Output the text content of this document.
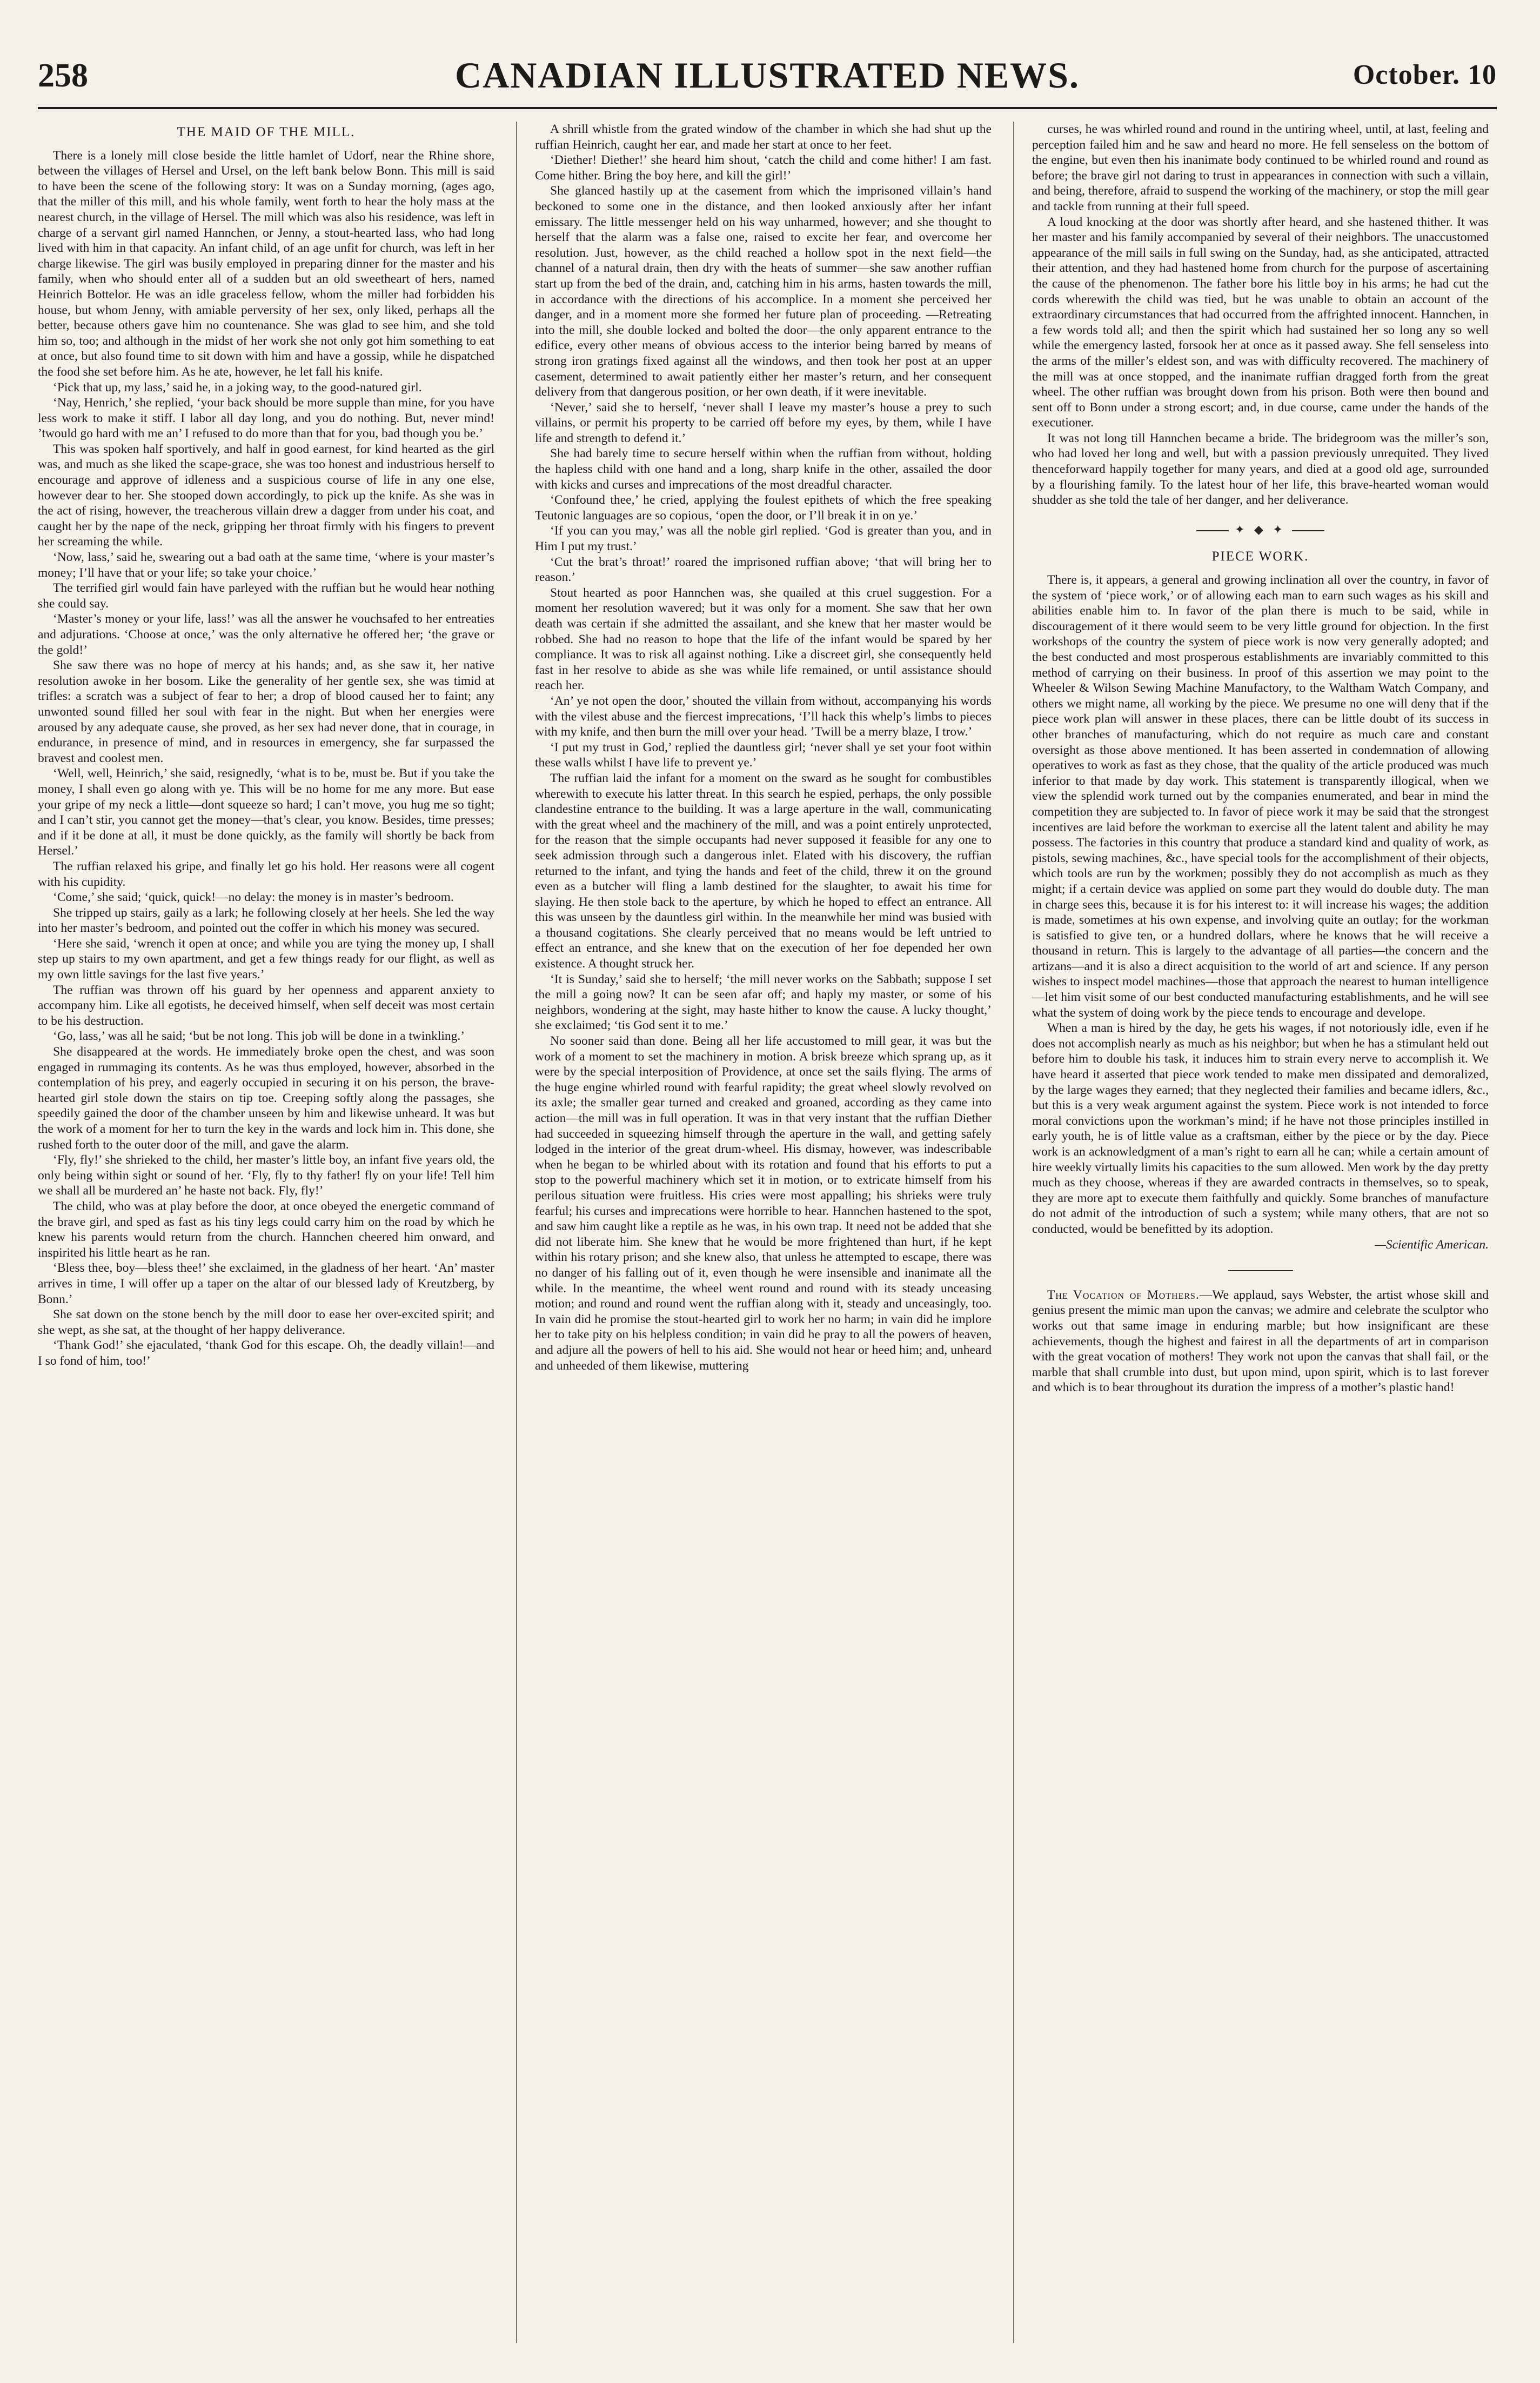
258	CANADIAN ILLUSTRATED NEWS.	October. 10

THE MAID OF THE MILL.

There is a lonely mill close beside the little hamlet of Udorf, near the Rhine shore, between the villages of Hersel and Ursel, on the left bank below Bonn. This mill is said to have been the scene of the following story: It was on a Sunday morning, (ages ago, that the miller of this mill, and his whole family, went forth to hear the holy mass at the nearest church, in the village of Hersel. The mill which was also his residence, was left in charge of a servant girl named Hannchen, or Jenny, a stout-hearted lass, who had long lived with him in that capacity. An infant child, of an age unfit for church, was left in her charge likewise. The girl was busily employed in preparing dinner for the master and his family, when who should enter all of a sudden but an old sweetheart of hers, named Heinrich Bottelor. He was an idle graceless fellow, whom the miller had forbidden his house, but whom Jenny, with amiable perversity of her sex, only liked, perhaps all the better, because others gave him no countenance. She was glad to see him, and she told him so, too; and although in the midst of her work she not only got him something to eat at once, but also found time to sit down with him and have a gossip, while he dispatched the food she set before him. As he ate, however, he let fall his knife.

‘Pick that up, my lass,’ said he, in a joking way, to the good-natured girl.

‘Nay, Henrich,’ she replied, ‘your back should be more supple than mine, for you have less work to make it stiff. I labor all day long, and you do nothing. But, never mind! ’twould go hard with me an’ I refused to do more than that for you, bad though you be.’

This was spoken half sportively, and half in good earnest, for kind hearted as the girl was, and much as she liked the scape-grace, she was too honest and industrious herself to encourage and approve of idleness and a suspicious course of life in any one else, however dear to her. She stooped down accordingly, to pick up the knife. As she was in the act of rising, however, the treacherous villain drew a dagger from under his coat, and caught her by the nape of the neck, gripping her throat firmly with his fingers to prevent her screaming the while.

‘Now, lass,’ said he, swearing out a bad oath at the same time, ‘where is your master’s money; I’ll have that or your life; so take your choice.’

The terrified girl would fain have parleyed with the ruffian but he would hear nothing she could say.

‘Master’s money or your life, lass!’ was all the answer he vouchsafed to her entreaties and adjurations. ‘Choose at once,’ was the only alternative he offered her; ‘the grave or the gold!’

She saw there was no hope of mercy at his hands; and, as she saw it, her native resolution awoke in her bosom. Like the generality of her gentle sex, she was timid at trifles: a scratch was a subject of fear to her; a drop of blood caused her to faint; any unwonted sound filled her soul with fear in the night. But when her energies were aroused by any adequate cause, she proved, as her sex had never done, that in courage, in endurance, in presence of mind, and in resources in emergency, she far surpassed the bravest and coolest men.

‘Well, well, Heinrich,’ she said, resignedly, ‘what is to be, must be. But if you take the money, I shall even go along with ye. This will be no home for me any more. But ease your gripe of my neck a little—dont squeeze so hard; I can’t move, you hug me so tight; and I can’t stir, you cannot get the money—that’s clear, you know. Besides, time presses; and if it be done at all, it must be done quickly, as the family will shortly be back from Hersel.’

The ruffian relaxed his gripe, and finally let go his hold. Her reasons were all cogent with his cupidity.

‘Come,’ she said; ‘quick, quick!—no delay: the money is in master’s bedroom.

She tripped up stairs, gaily as a lark; he following closely at her heels. She led the way into her master’s bedroom, and pointed out the coffer in which his money was secured.

‘Here she said, ‘wrench it open at once; and while you are tying the money up, I shall step up stairs to my own apartment, and get a few things ready for our flight, as well as my own little savings for the last five years.’

The ruffian was thrown off his guard by her openness and apparent anxiety to accompany him. Like all egotists, he deceived himself, when self deceit was most certain to be his destruction.

‘Go, lass,’ was all he said; ‘but be not long. This job will be done in a twinkling.’

She disappeared at the words. He immediately broke open the chest, and was soon engaged in rummaging its contents. As he was thus employed, however, absorbed in the contemplation of his prey, and eagerly occupied in securing it on his person, the brave-hearted girl stole down the stairs on tip toe. Creeping softly along the passages, she speedily gained the door of the chamber unseen by him and likewise unheard. It was but the work of a moment for her to turn the key in the wards and lock him in. This done, she rushed forth to the outer door of the mill, and gave the alarm.

‘Fly, fly!’ she shrieked to the child, her master’s little boy, an infant five years old, the only being within sight or sound of her. ‘Fly, fly to thy father! fly on your life! Tell him we shall all be murdered an’ he haste not back. Fly, fly!’

The child, who was at play before the door, at once obeyed the energetic command of the brave girl, and sped as fast as his tiny legs could carry him on the road by which he knew his parents would return from the church. Hannchen cheered him onward, and inspirited his little heart as he ran.

‘Bless thee, boy—bless thee!’ she exclaimed, in the gladness of her heart. ‘An’ master arrives in time, I will offer up a taper on the altar of our blessed lady of Kreutzberg, by Bonn.’

She sat down on the stone bench by the mill door to ease her over-excited spirit; and she wept, as she sat, at the thought of her happy deliverance.

‘Thank God!’ she ejaculated, ‘thank God for this escape. Oh, the deadly villain!—and I so fond of him, too!’

A shrill whistle from the grated window of the chamber in which she had shut up the ruffian Heinrich, caught her ear, and made her start at once to her feet.

‘Diether! Diether!’ she heard him shout, ‘catch the child and come hither! I am fast. Come hither. Bring the boy here, and kill the girl!’

She glanced hastily up at the casement from which the imprisoned villain’s hand beckoned to some one in the distance, and then looked anxiously after her infant emissary. The little messenger held on his way unharmed, however; and she thought to herself that the alarm was a false one, raised to excite her fear, and overcome her resolution. Just, however, as the child reached a hollow spot in the next field—the channel of a natural drain, then dry with the heats of summer—she saw another ruffian start up from the bed of the drain, and, catching him in his arms, hasten towards the mill, in accordance with the directions of his accomplice. In a moment she perceived her danger, and in a moment more she formed her future plan of proceeding. —Retreating into the mill, she double locked and bolted the door—the only apparent entrance to the edifice, every other means of obvious access to the interior being barred by means of strong iron gratings fixed against all the windows, and then took her post at an upper casement, determined to await patiently either her master’s return, and her consequent delivery from that dangerous position, or her own death, if it were inevitable.

‘Never,’ said she to herself, ‘never shall I leave my master’s house a prey to such villains, or permit his property to be carried off before my eyes, by them, while I have life and strength to defend it.’

She had barely time to secure herself within when the ruffian from without, holding the hapless child with one hand and a long, sharp knife in the other, assailed the door with kicks and curses and imprecations of the most dreadful character.

‘Confound thee,’ he cried, applying the foulest epithets of which the free speaking Teutonic languages are so copious, ‘open the door, or I’ll break it in on ye.’

‘If you can you may,’ was all the noble girl replied. ‘God is greater than you, and in Him I put my trust.’

‘Cut the brat’s throat!’ roared the imprisoned ruffian above; ‘that will bring her to reason.’

Stout hearted as poor Hannchen was, she quailed at this cruel suggestion. For a moment her resolution wavered; but it was only for a moment. She saw that her own death was certain if she admitted the assailant, and she knew that her master would be robbed. She had no reason to hope that the life of the infant would be spared by her compliance. It was to risk all against nothing. Like a discreet girl, she consequently held fast in her resolve to abide as she was while life remained, or until assistance should reach her.

‘An’ ye not open the door,’ shouted the villain from without, accompanying his words with the vilest abuse and the fiercest imprecations, ‘I’ll hack this whelp’s limbs to pieces with my knife, and then burn the mill over your head. ’Twill be a merry blaze, I trow.’

‘I put my trust in God,’ replied the dauntless girl; ‘never shall ye set your foot within these walls whilst I have life to prevent ye.’

The ruffian laid the infant for a moment on the sward as he sought for combustibles wherewith to execute his latter threat. In this search he espied, perhaps, the only possible clandestine entrance to the building. It was a large aperture in the wall, communicating with the great wheel and the machinery of the mill, and was a point entirely unprotected, for the reason that the simple occupants had never supposed it feasible for any one to seek admission through such a dangerous inlet. Elated with his discovery, the ruffian returned to the infant, and tying the hands and feet of the child, threw it on the ground even as a butcher will fling a lamb destined for the slaughter, to await his time for slaying. He then stole back to the aperture, by which he hoped to effect an entrance. All this was unseen by the dauntless girl within. In the meanwhile her mind was busied with a thousand cogitations. She clearly perceived that no means would be left untried to effect an entrance, and she knew that on the execution of her foe depended her own existence. A thought struck her.

‘It is Sunday,’ said she to herself; ‘the mill never works on the Sabbath; suppose I set the mill a going now? It can be seen afar off; and haply my master, or some of his neighbors, wondering at the sight, may haste hither to know the cause. A lucky thought,’ she exclaimed; ‘tis God sent it to me.’

No sooner said than done. Being all her life accustomed to mill gear, it was but the work of a moment to set the machinery in motion. A brisk breeze which sprang up, as it were by the special interposition of Providence, at once set the sails flying. The arms of the huge engine whirled round with fearful rapidity; the great wheel slowly revolved on its axle; the smaller gear turned and creaked and groaned, according as they came into action—the mill was in full operation. It was in that very instant that the ruffian Diether had succeeded in squeezing himself through the aperture in the wall, and getting safely lodged in the interior of the great drum-wheel. His dismay, however, was indescribable when he began to be whirled about with its rotation and found that his efforts to put a stop to the powerful machinery which set it in motion, or to extricate himself from his perilous situation were fruitless. His cries were most appalling; his shrieks were truly fearful; his curses and imprecations were horrible to hear. Hannchen hastened to the spot, and saw him caught like a reptile as he was, in his own trap. It need not be added that she did not liberate him. She knew that he would be more frightened than hurt, if he kept within his rotary prison; and she knew also, that unless he attempted to escape, there was no danger of his falling out of it, even though he were insensible and inanimate all the while. In the meantime, the wheel went round and round with its steady unceasing motion; and round and round went the ruffian along with it, steady and unceasingly, too. In vain did he promise the stout-hearted girl to work her no harm; in vain did he implore her to take pity on his helpless condition; in vain did he pray to all the powers of heaven, and adjure all the powers of hell to his aid. She would not hear or heed him; and, unheard and unheeded of them likewise, muttering

curses, he was whirled round and round in the untiring wheel, until, at last, feeling and perception failed him and he saw and heard no more. He fell senseless on the bottom of the engine, but even then his inanimate body continued to be whirled round and round as before; the brave girl not daring to trust in appearances in connection with such a villain, and being, therefore, afraid to suspend the working of the machinery, or stop the mill gear and tackle from running at their full speed.

A loud knocking at the door was shortly after heard, and she hastened thither. It was her master and his family accompanied by several of their neighbors. The unaccustomed appearance of the mill sails in full swing on the Sunday, had, as she anticipated, attracted their attention, and they had hastened home from church for the purpose of ascertaining the cause of the phenomenon. The father bore his little boy in his arms; he had cut the cords wherewith the child was tied, but he was unable to obtain an account of the extraordinary circumstances that had occurred from the affrighted innocent. Hannchen, in a few words told all; and then the spirit which had sustained her so long any so well while the emergency lasted, forsook her at once as it passed away. She fell senseless into the arms of the miller’s eldest son, and was with difficulty recovered. The machinery of the mill was at once stopped, and the inanimate ruffian dragged forth from the great wheel. The other ruffian was brought down from his prison. Both were then bound and sent off to Bonn under a strong escort; and, in due course, came under the hands of the executioner.

It was not long till Hannchen became a bride. The bridegroom was the miller’s son, who had loved her long and well, but with a passion previously unrequited. They lived thenceforward happily together for many years, and died at a good old age, surrounded by a flourishing family. To the latest hour of her life, this brave-hearted woman would shudder as she told the tale of her danger, and her deliverance.

✦ ◆ ✦

PIECE WORK.

There is, it appears, a general and growing inclination all over the country, in favor of the system of ‘piece work,’ or of allowing each man to earn such wages as his skill and abilities enable him to. In favor of the plan there is much to be said, while in discouragement of it there would seem to be very little ground for objection. In the first workshops of the country the system of piece work is now very generally adopted; and the best conducted and most prosperous establishments are invariably committed to this method of carrying on their business. In proof of this assertion we may point to the Wheeler & Wilson Sewing Machine Manufactory, to the Waltham Watch Company, and others we might name, all working by the piece. We presume no one will deny that if the piece work plan will answer in these places, there can be little doubt of its success in other branches of manufacturing, which do not require as much care and constant oversight as those above mentioned. It has been asserted in condemnation of allowing operatives to work as fast as they chose, that the quality of the article produced was much inferior to that made by day work. This statement is transparently illogical, when we view the splendid work turned out by the companies enumerated, and bear in mind the competition they are subjected to. In favor of piece work it may be said that the strongest incentives are laid before the workman to exercise all the latent talent and ability he may possess. The factories in this country that produce a standard kind and quality of work, as pistols, sewing machines, &c., have special tools for the accomplishment of their objects, which tools are run by the workmen; possibly they do not accomplish as much as they might; if a certain device was applied on some part they would do double duty. The man in charge sees this, because it is for his interest to: it will increase his wages; the addition is made, sometimes at his own expense, and involving quite an outlay; for the workman is satisfied to give ten, or a hundred dollars, where he knows that he will receive a thousand in return. This is largely to the advantage of all parties—the concern and the artizans—and it is also a direct acquisition to the world of art and science. If any person wishes to inspect model machines—those that approach the nearest to human intelligence—let him visit some of our best conducted manufacturing establishments, and he will see what the system of doing work by the piece tends to encourage and develope.

When a man is hired by the day, he gets his wages, if not notoriously idle, even if he does not accomplish nearly as much as his neighbor; but when he has a stimulant held out before him to double his task, it induces him to strain every nerve to accomplish it. We have heard it asserted that piece work tended to make men dissipated and demoralized, by the large wages they earned; that they neglected their families and became idlers, &c., but this is a very weak argument against the system. Piece work is not intended to force moral convictions upon the workman’s mind; if he have not those principles instilled in early youth, he is of little value as a craftsman, either by the piece or by the day. Piece work is an acknowledgment of a man’s right to earn all he can; while a certain amount of hire weekly virtually limits his capacities to the sum allowed. Men work by the day pretty much as they choose, whereas if they are awarded contracts in themselves, so to speak, they are more apt to execute them faithfully and quickly. Some branches of manufacture do not admit of the introduction of such a system; while many others, that are not so conducted, would be benefitted by its adoption.

—Scientific American.

The Vocation of Mothers.—We applaud, says Webster, the artist whose skill and genius present the mimic man upon the canvas; we admire and celebrate the sculptor who works out that same image in enduring marble; but how insignificant are these achievements, though the highest and fairest in all the departments of art in comparison with the great vocation of mothers! They work not upon the canvas that shall fail, or the marble that shall crumble into dust, but upon mind, upon spirit, which is to last forever and which is to bear throughout its duration the impress of a mother’s plastic hand!
